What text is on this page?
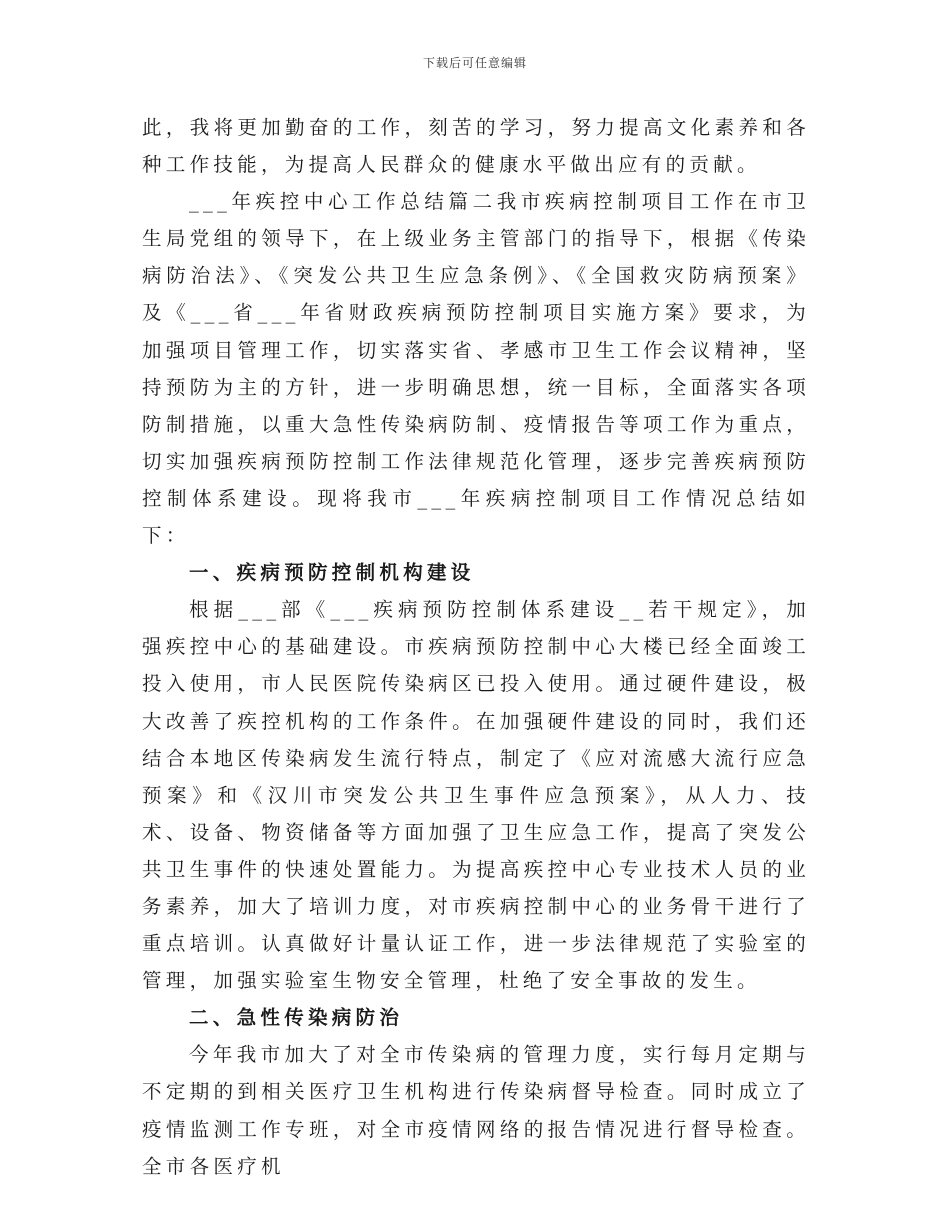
下载后可任意编辑

此，我将更加勤奋的工作，刻苦的学习，努力提高文化素养和各种工作技能，为提高人民群众的健康水平做出应有的贡献。

___年疾控中心工作总结篇二我市疾病控制项目工作在市卫生局党组的领导下，在上级业务主管部门的指导下，根据《传染病防治法》、《突发公共卫生应急条例》、《全国救灾防病预案》及《___省___年省财政疾病预防控制项目实施方案》要求，为加强项目管理工作，切实落实省、孝感市卫生工作会议精神，坚持预防为主的方针，进一步明确思想，统一目标，全面落实各项防制措施，以重大急性传染病防制、疫情报告等项工作为重点，切实加强疾病预防控制工作法律规范化管理，逐步完善疾病预防控制体系建设。现将我市___年疾病控制项目工作情况总结如下：

一、疾病预防控制机构建设

根据___部《___疾病预防控制体系建设__若干规定》，加强疾控中心的基础建设。市疾病预防控制中心大楼已经全面竣工投入使用，市人民医院传染病区已投入使用。通过硬件建设，极大改善了疾控机构的工作条件。在加强硬件建设的同时，我们还结合本地区传染病发生流行特点，制定了《应对流感大流行应急预案》和《汉川市突发公共卫生事件应急预案》，从人力、技术、设备、物资储备等方面加强了卫生应急工作，提高了突发公共卫生事件的快速处置能力。为提高疾控中心专业技术人员的业务素养，加大了培训力度，对市疾病控制中心的业务骨干进行了重点培训。认真做好计量认证工作，进一步法律规范了实验室的管理，加强实验室生物安全管理，杜绝了安全事故的发生。

二、急性传染病防治

今年我市加大了对全市传染病的管理力度，实行每月定期与不定期的到相关医疗卫生机构进行传染病督导检查。同时成立了疫情监测工作专班，对全市疫情网络的报告情况进行督导检查。全市各医疗机
